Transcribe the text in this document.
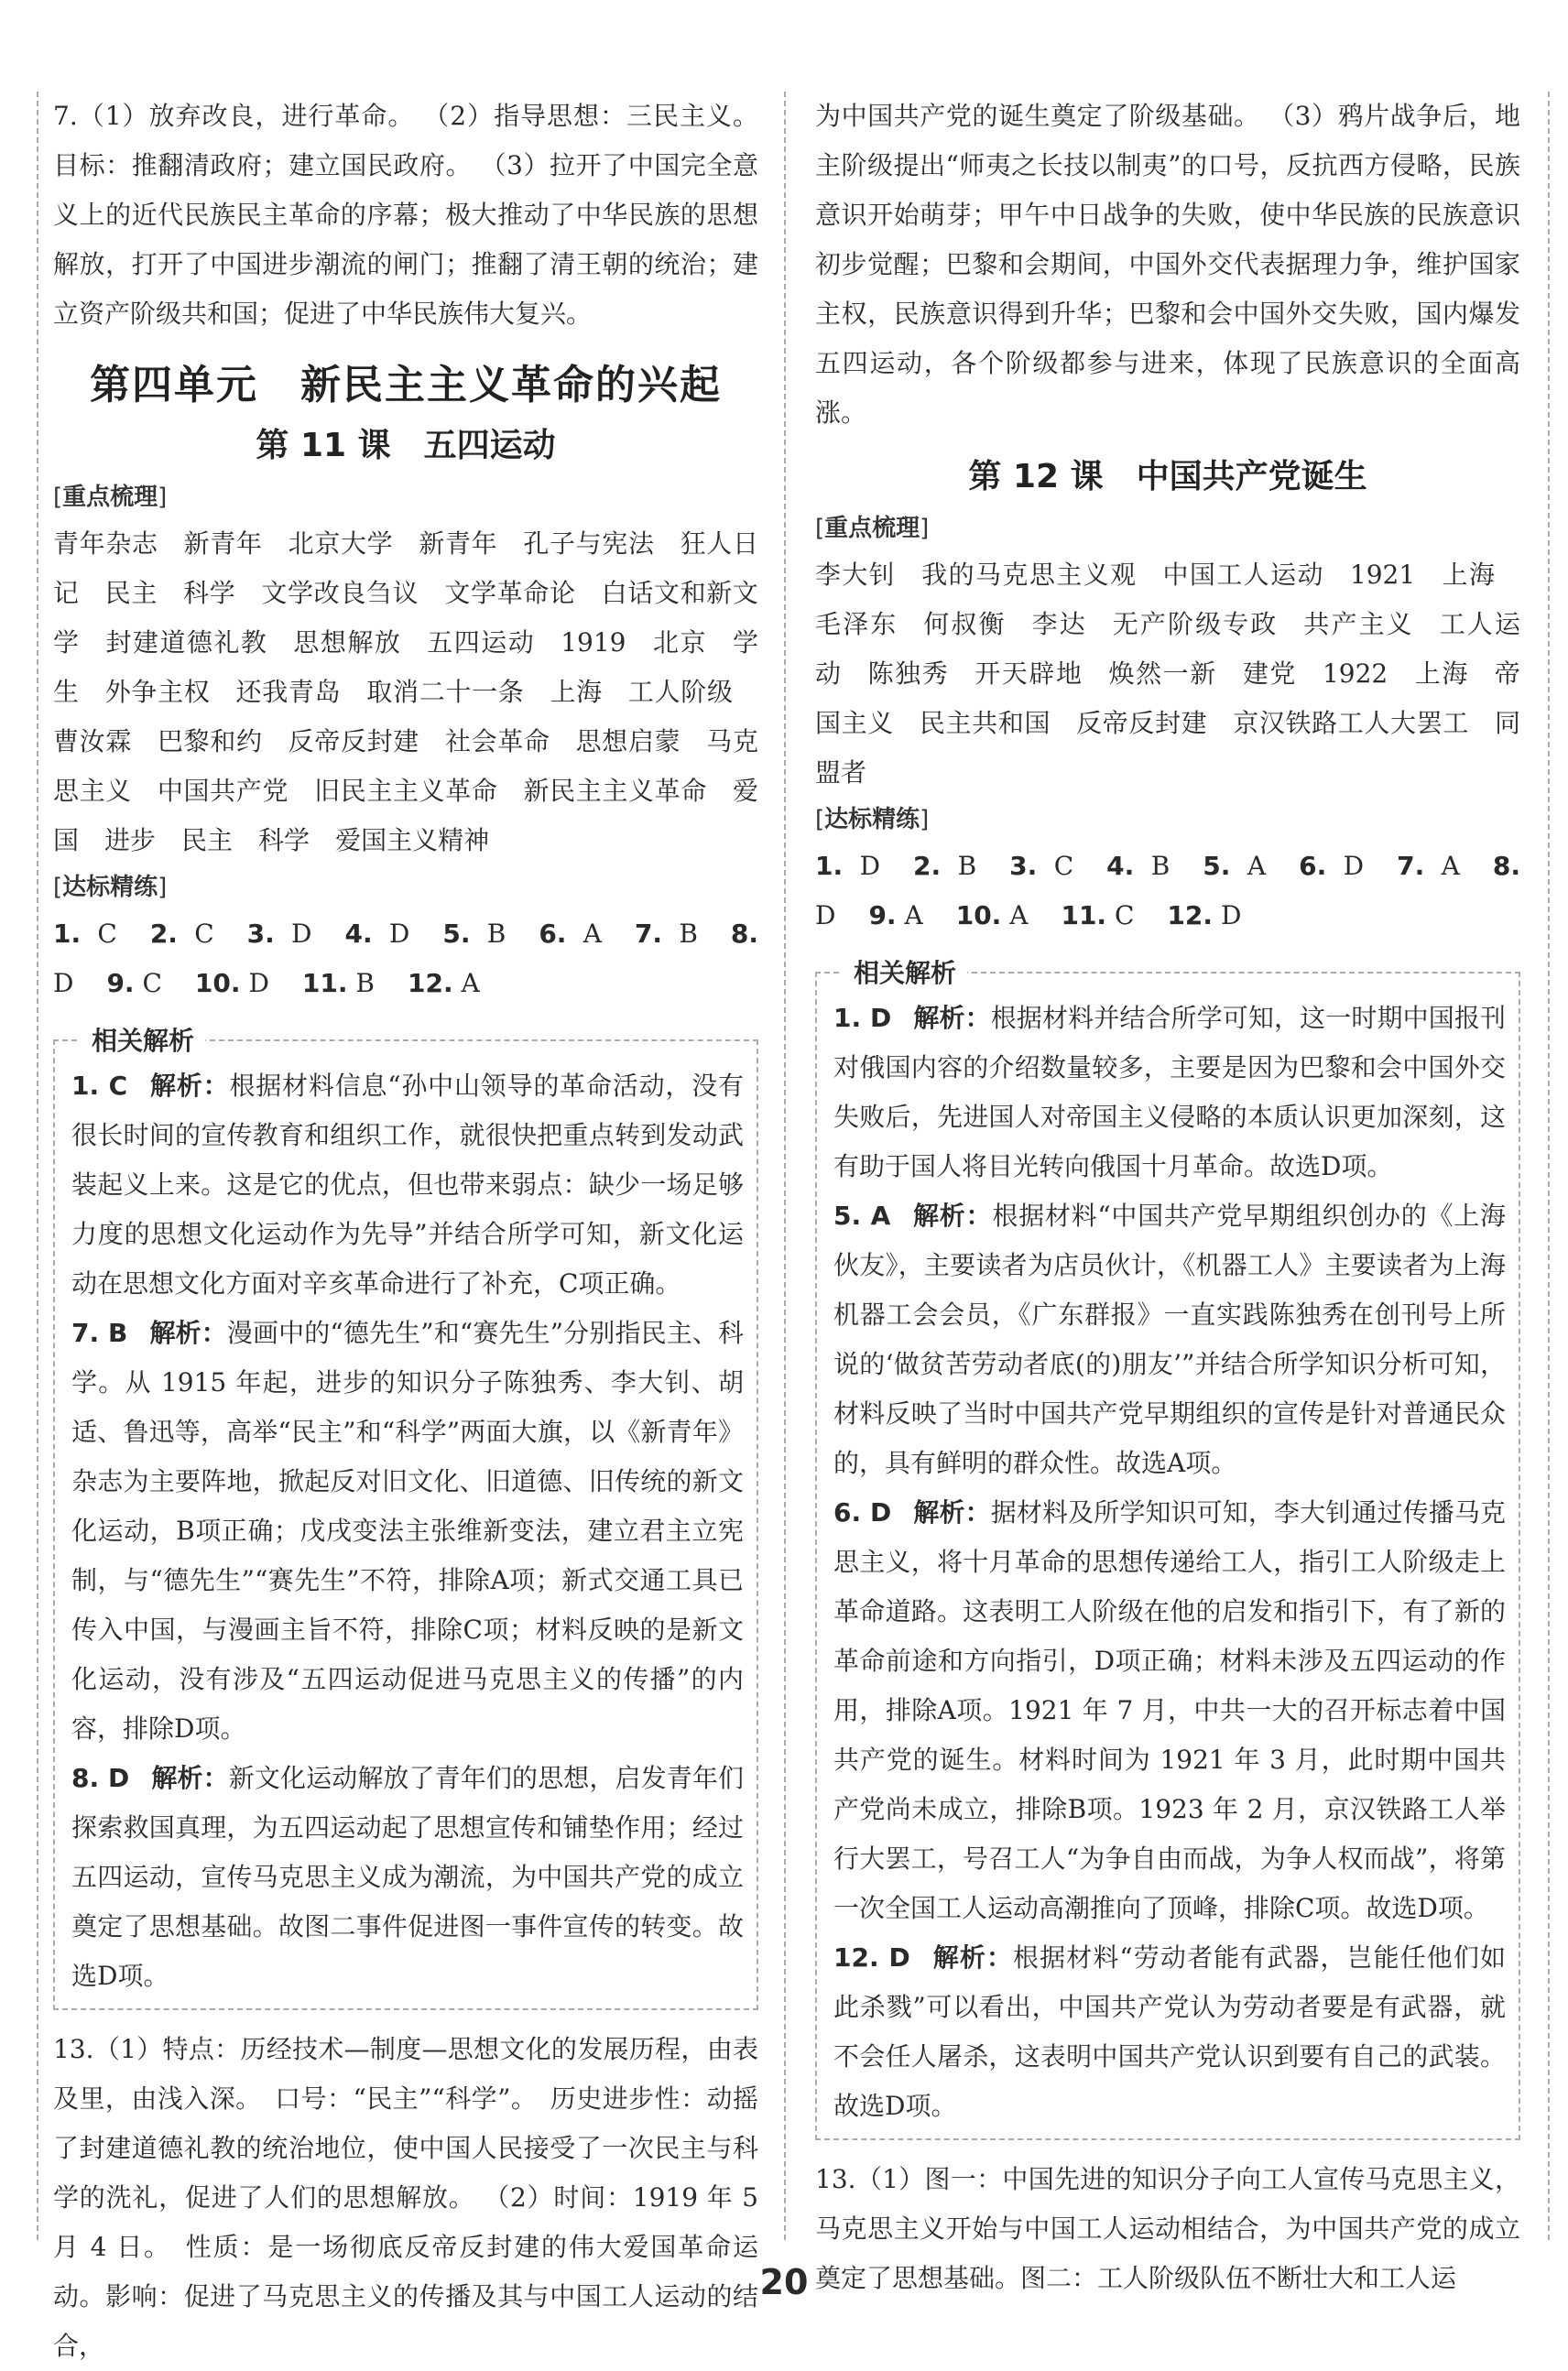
7.（1）放弃改良，进行革命。 （2）指导思想：三民主义。目标：推翻清政府；建立国民政府。 （3）拉开了中国完全意义上的近代民族民主革命的序幕；极大推动了中华民族的思想解放，打开了中国进步潮流的闸门；推翻了清王朝的统治；建立资产阶级共和国；促进了中华民族伟大复兴。

第四单元　新民主主义革命的兴起
第 11 课　五四运动
[ 重点梳理 ]

青年杂志 新青年 北京大学 新青年 孔子与宪法 狂人日记 民主 科学 文学改良刍议 文学革命论 白话文和新文学 封建道德礼教 思想解放 五四运动 1919 北京 学生 外争主权 还我青岛 取消二十一条 上海 工人阶级曹汝霖 巴黎和约 反帝反封建 社会革命 思想启蒙 马克思主义 中国共产党 旧民主主义革命 新民主主义革命 爱国 进步 民主 科学 爱国主义精神

[ 达标精练 ]

1. C 2. C 3. D 4. D 5. B 6. A 7. B 8. D 9. C 10. D 11. B 12. A

相关解析

1. C 解析：根据材料信息“孙中山领导的革命活动，没有很长时间的宣传教育和组织工作，就很快把重点转到发动武装起义上来。这是它的优点，但也带来弱点：缺少一场足够力度的思想文化运动作为先导”并结合所学可知，新文化运动在思想文化方面对辛亥革命进行了补充，C项正确。

7. B 解析：漫画中的“德先生”和“赛先生”分别指民主、科学。从 1915 年起，进步的知识分子陈独秀、李大钊、胡适、鲁迅等，高举“民主”和“科学”两面大旗，以《新青年》杂志为主要阵地，掀起反对旧文化、旧道德、旧传统的新文化运动，B项正确；戊戌变法主张维新变法，建立君主立宪制，与“德先生”“赛先生”不符，排除A项；新式交通工具已传入中国，与漫画主旨不符，排除C项；材料反映的是新文化运动，没有涉及“五四运动促进马克思主义的传播”的内容，排除D项。

8. D 解析：新文化运动解放了青年们的思想，启发青年们探索救国真理，为五四运动起了思想宣传和铺垫作用；经过五四运动，宣传马克思主义成为潮流，为中国共产党的成立奠定了思想基础。故图二事件促进图一事件宣传的转变。故选D项。

13.（1）特点：历经技术—制度—思想文化的发展历程，由表及里，由浅入深。　口号：“民主”“科学”。　历史进步性：动摇了封建道德礼教的统治地位，使中国人民接受了一次民主与科学的洗礼，促进了人们的思想解放。 （2）时间：1919 年 5 月 4 日。　性质：是一场彻底反帝反封建的伟大爱国革命运动。影响：促进了马克思主义的传播及其与中国工人运动的结合，

为中国共产党的诞生奠定了阶级基础。 （3）鸦片战争后，地主阶级提出“师夷之长技以制夷”的口号，反抗西方侵略，民族意识开始萌芽；甲午中日战争的失败，使中华民族的民族意识初步觉醒；巴黎和会期间，中国外交代表据理力争，维护国家主权，民族意识得到升华；巴黎和会中国外交失败，国内爆发五四运动，各个阶级都参与进来，体现了民族意识的全面高涨。

第 12 课　中国共产党诞生
[ 重点梳理 ]

李大钊 我的马克思主义观 中国工人运动 1921 上海毛泽东 何叔衡 李达 无产阶级专政 共产主义 工人运动 陈独秀 开天辟地 焕然一新 建党 1922 上海 帝国主义 民主共和国 反帝反封建 京汉铁路工人大罢工 同盟者

[ 达标精练 ]

1. D 2. B 3. C 4. B 5. A 6. D 7. A 8. D 9. A 10. A 11. C 12. D

相关解析

1. D 解析：根据材料并结合所学可知，这一时期中国报刊对俄国内容的介绍数量较多，主要是因为巴黎和会中国外交失败后，先进国人对帝国主义侵略的本质认识更加深刻，这有助于国人将目光转向俄国十月革命。故选D项。

5. A 解析：根据材料“中国共产党早期组织创办的《上海伙友》，主要读者为店员伙计，《机器工人》主要读者为上海机器工会会员，《广东群报》一直实践陈独秀在创刊号上所说的‘做贫苦劳动者底(的)朋友’”并结合所学知识分析可知，材料反映了当时中国共产党早期组织的宣传是针对普通民众的，具有鲜明的群众性。故选A项。

6. D 解析：据材料及所学知识可知，李大钊通过传播马克思主义，将十月革命的思想传递给工人，指引工人阶级走上革命道路。这表明工人阶级在他的启发和指引下，有了新的革命前途和方向指引，D项正确；材料未涉及五四运动的作用，排除A项。1921 年 7 月，中共一大的召开标志着中国共产党的诞生。材料时间为 1921 年 3 月，此时期中国共产党尚未成立，排除B项。1923 年 2 月，京汉铁路工人举行大罢工，号召工人“为争自由而战，为争人权而战”，将第一次全国工人运动高潮推向了顶峰，排除C项。故选D项。

12. D 解析：根据材料“劳动者能有武器，岂能任他们如此杀戮”可以看出，中国共产党认为劳动者要是有武器，就不会任人屠杀，这表明中国共产党认识到要有自己的武装。故选D项。

13.（1）图一：中国先进的知识分子向工人宣传马克思主义，马克思主义开始与中国工人运动相结合，为中国共产党的成立奠定了思想基础。图二：工人阶级队伍不断壮大和工人运

20
